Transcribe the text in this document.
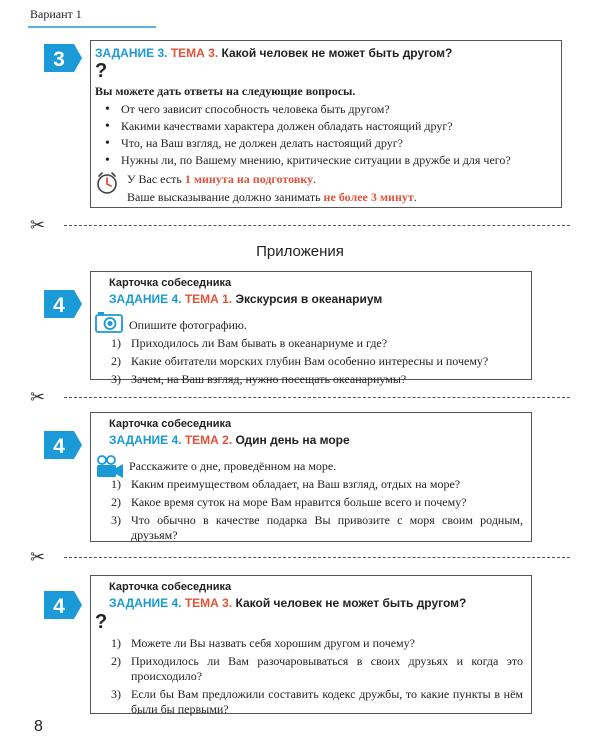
Вариант 1
3	ЗАДАНИЕ 3. ТЕМА 3. Какой человек не может быть другом?
?
Вы можете дать ответы на следующие вопросы.
• От чего зависит способность человека быть другом?
• Какими качествами характера должен обладать настоящий друг?
• Что, на Ваш взгляд, не должен делать настоящий друг?
• Нужны ли, по Вашему мнению, критические ситуации в дружбе и для чего?
У Вас есть 1 минута на подготовку.
Ваше высказывание должно занимать не более 3 минут.
✂
Приложения
4
Карточка собеседника
ЗАДАНИЕ 4. ТЕМА 1. Экскурсия в океанариум
Опишите фотографию.
1) Приходилось ли Вам бывать в океанариуме и где?
2) Какие обитатели морских глубин Вам особенно интересны и почему?
3) Зачем, на Ваш взгляд, нужно посещать океанариумы?
✂
4
Карточка собеседника
ЗАДАНИЕ 4. ТЕМА 2. Один день на море
Расскажите о дне, проведённом на море.
1) Каким преимуществом обладает, на Ваш взгляд, отдых на море?
2) Какое время суток на море Вам нравится больше всего и почему?
3) Что обычно в качестве подарка Вы привозите с моря своим родным, друзьям?
✂
4
Карточка собеседника
ЗАДАНИЕ 4. ТЕМА 3. Какой человек не может быть другом?
?
1) Можете ли Вы назвать себя хорошим другом и почему?
2) Приходилось ли Вам разочаровываться в своих друзьях и когда это происходило?
3) Если бы Вам предложили составить кодекс дружбы, то какие пункты в нём были бы первыми?
8
